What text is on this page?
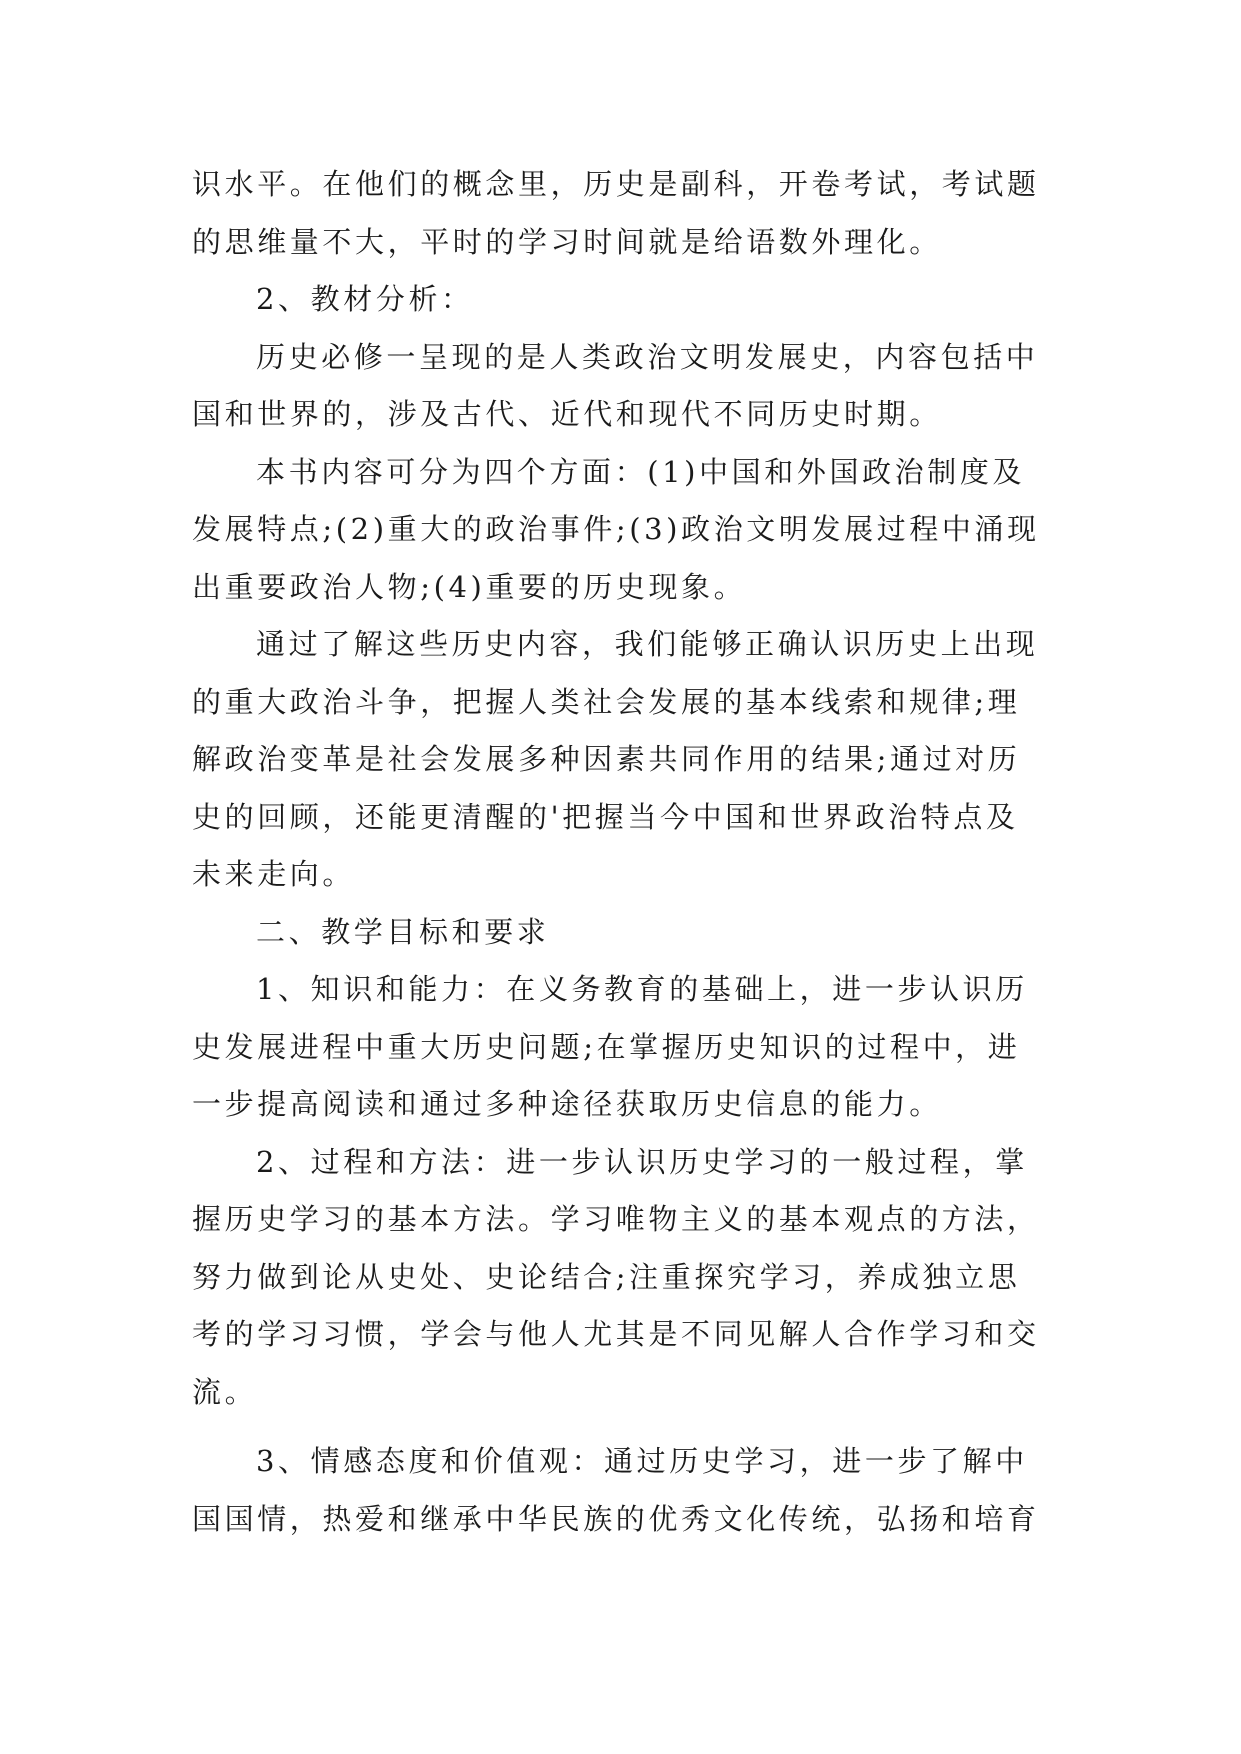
识水平。在他们的概念里，历史是副科，开卷考试，考试题

的思维量不大，平时的学习时间就是给语数外理化。

2、教材分析：

历史必修一呈现的是人类政治文明发展史，内容包括中

国和世界的，涉及古代、近代和现代不同历史时期。

本书内容可分为四个方面：(1)中国和外国政治制度及

发展特点;(2)重大的政治事件;(3)政治文明发展过程中涌现

出重要政治人物;(4)重要的历史现象。

通过了解这些历史内容，我们能够正确认识历史上出现

的重大政治斗争，把握人类社会发展的基本线索和规律;理

解政治变革是社会发展多种因素共同作用的结果;通过对历

史的回顾，还能更清醒的'把握当今中国和世界政治特点及

未来走向。

二、教学目标和要求

1、知识和能力：在义务教育的基础上，进一步认识历

史发展进程中重大历史问题;在掌握历史知识的过程中，进

一步提高阅读和通过多种途径获取历史信息的能力。

2、过程和方法：进一步认识历史学习的一般过程，掌

握历史学习的基本方法。学习唯物主义的基本观点的方法，

努力做到论从史处、史论结合;注重探究学习，养成独立思

考的学习习惯，学会与他人尤其是不同见解人合作学习和交

流。

3、情感态度和价值观：通过历史学习，进一步了解中

国国情，热爱和继承中华民族的优秀文化传统，弘扬和培育
